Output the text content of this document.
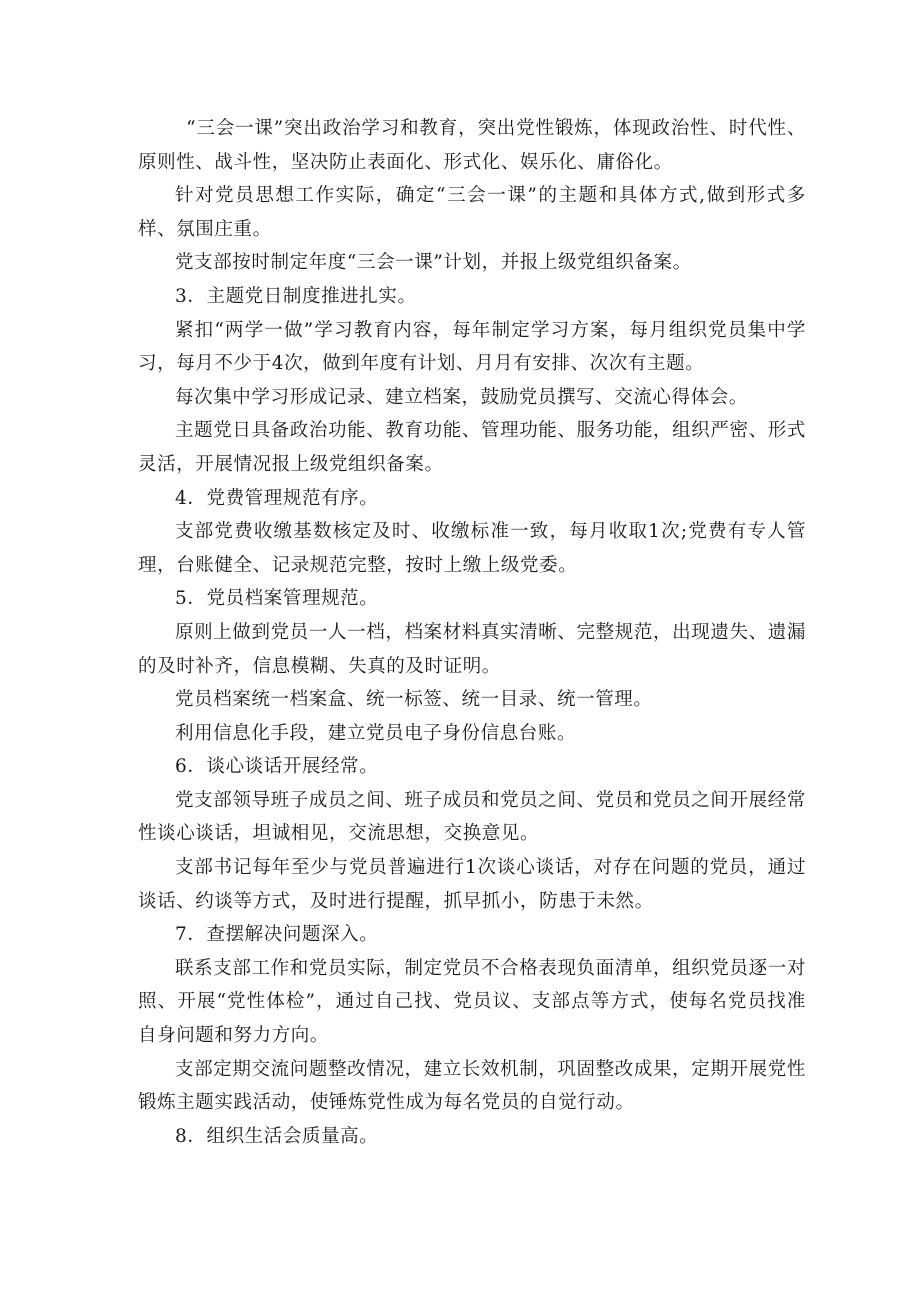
“三会一课”突出政治学习和教育，突出党性锻炼，体现政治性、时代性、原则性、战斗性，坚决防止表面化、形式化、娱乐化、庸俗化。

针对党员思想工作实际，确定“三会一课”的主题和具体方式,做到形式多样、氛围庄重。

党支部按时制定年度“三会一课”计划，并报上级党组织备案。

3．主题党日制度推进扎实。

紧扣“两学一做”学习教育内容，每年制定学习方案，每月组织党员集中学习，每月不少于4次，做到年度有计划、月月有安排、次次有主题。

每次集中学习形成记录、建立档案，鼓励党员撰写、交流心得体会。

主题党日具备政治功能、教育功能、管理功能、服务功能，组织严密、形式灵活，开展情况报上级党组织备案。

4．党费管理规范有序。

支部党费收缴基数核定及时、收缴标准一致，每月收取1次;党费有专人管理，台账健全、记录规范完整，按时上缴上级党委。

5．党员档案管理规范。

原则上做到党员一人一档，档案材料真实清晰、完整规范，出现遗失、遗漏的及时补齐，信息模糊、失真的及时证明。

党员档案统一档案盒、统一标签、统一目录、统一管理。

利用信息化手段，建立党员电子身份信息台账。

6．谈心谈话开展经常。

党支部领导班子成员之间、班子成员和党员之间、党员和党员之间开展经常性谈心谈话，坦诚相见，交流思想，交换意见。

支部书记每年至少与党员普遍进行1次谈心谈话，对存在问题的党员，通过谈话、约谈等方式，及时进行提醒，抓早抓小，防患于未然。

7．查摆解决问题深入。

联系支部工作和党员实际，制定党员不合格表现负面清单，组织党员逐一对照、开展“党性体检”，通过自己找、党员议、支部点等方式，使每名党员找准自身问题和努力方向。

支部定期交流问题整改情况，建立长效机制，巩固整改成果，定期开展党性锻炼主题实践活动，使锤炼党性成为每名党员的自觉行动。

8．组织生活会质量高。
